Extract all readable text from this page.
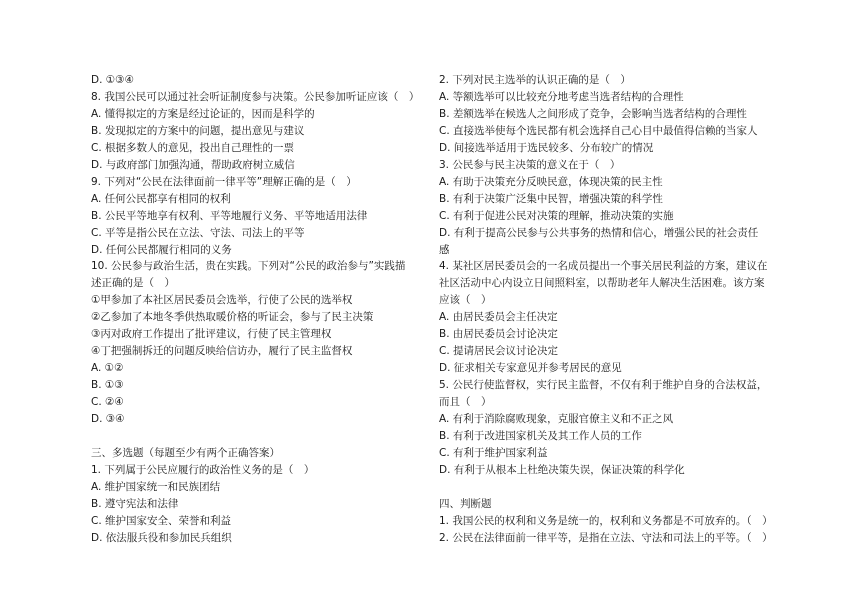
D. ①③④
8. 我国公民可以通过社会听证制度参与决策。公民参加听证应该（　）
A. 懂得拟定的方案是经过论证的，因而是科学的
B. 发现拟定的方案中的问题，提出意见与建议
C. 根据多数人的意见，投出自己理性的一票
D. 与政府部门加强沟通，帮助政府树立威信
9. 下列对“公民在法律面前一律平等”理解正确的是（　）
A. 任何公民都享有相同的权利
B. 公民平等地享有权利、平等地履行义务、平等地适用法律
C. 平等是指公民在立法、守法、司法上的平等
D. 任何公民都履行相同的义务
10. 公民参与政治生活，贵在实践。下列对“公民的政治参与”实践描
述正确的是（　）
①甲参加了本社区居民委员会选举，行使了公民的选举权
②乙参加了本地冬季供热取暖价格的听证会，参与了民主决策
③丙对政府工作提出了批评建议，行使了民主管理权
④丁把强制拆迁的问题反映给信访办，履行了民主监督权
A. ①②
B. ①③
C. ②④
D. ③④
三、多选题（每题至少有两个正确答案）
1. 下列属于公民应履行的政治性义务的是（　）
A. 维护国家统一和民族团结
B. 遵守宪法和法律
C. 维护国家安全、荣誉和利益
D. 依法服兵役和参加民兵组织
2. 下列对民主选举的认识正确的是（　）
A. 等额选举可以比较充分地考虑当选者结构的合理性
B. 差额选举在候选人之间形成了竞争，会影响当选者结构的合理性
C. 直接选举使每个选民都有机会选择自己心目中最值得信赖的当家人
D. 间接选举适用于选民较多、分布较广的情况
3. 公民参与民主决策的意义在于（　）
A. 有助于决策充分反映民意，体现决策的民主性
B. 有利于决策广泛集中民智，增强决策的科学性
C. 有利于促进公民对决策的理解，推动决策的实施
D. 有利于提高公民参与公共事务的热情和信心，增强公民的社会责任
感
4. 某社区居民委员会的一名成员提出一个事关居民利益的方案，建议在
社区活动中心内设立日间照料室，以帮助老年人解决生活困难。该方案
应该（　）
A. 由居民委员会主任决定
B. 由居民委员会讨论决定
C. 提请居民会议讨论决定
D. 征求相关专家意见并参考居民的意见
5. 公民行使监督权，实行民主监督，不仅有利于维护自身的合法权益，
而且（　）
A. 有利于消除腐败现象，克服官僚主义和不正之风
B. 有利于改进国家机关及其工作人员的工作
C. 有利于维护国家利益
D. 有利于从根本上杜绝决策失误，保证决策的科学化
四、判断题
1. 我国公民的权利和义务是统一的，权利和义务都是不可放弃的。（　）
2. 公民在法律面前一律平等，是指在立法、守法和司法上的平等。（　）
